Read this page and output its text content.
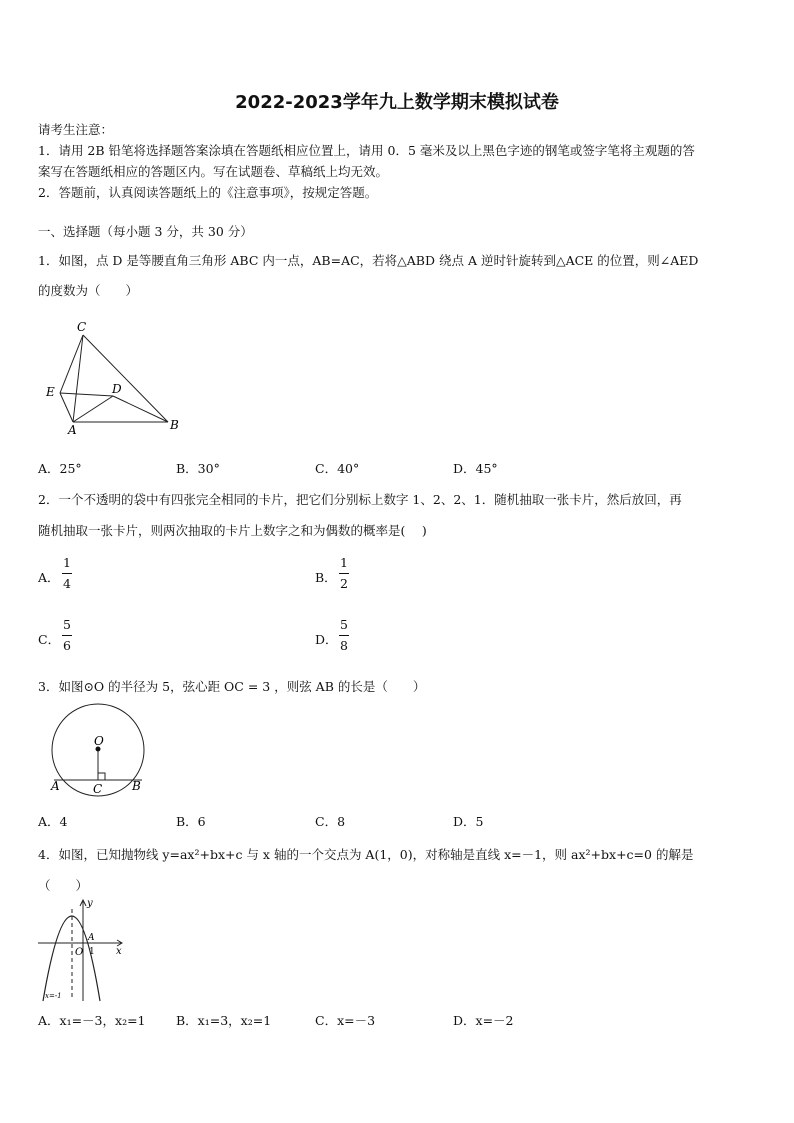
2022-2023学年九上数学期末模拟试卷
请考生注意：
1．请用 2B 铅笔将选择题答案涂填在答题纸相应位置上，请用 0．5 毫米及以上黑色字迹的钢笔或签字笔将主观题的答
案写在答题纸相应的答题区内。写在试题卷、草稿纸上均无效。
2．答题前，认真阅读答题纸上的《注意事项》，按规定答题。
一、选择题（每小题 3 分，共 30 分）
1．如图，点 D 是等腰直角三角形 ABC 内一点，AB=AC，若将△ABD 绕点 A 逆时针旋转到△ACE 的位置，则∠AED
的度数为（　　）
C
E	D
A	B
A．25°	B．30°	C．40°	D．45°
2．一个不透明的袋中有四张完全相同的卡片，把它们分别标上数字 1、2、2、1．随机抽取一张卡片，然后放回，再
随机抽取一张卡片，则两次抽取的卡片上数字之和为偶数的概率是(　 )
A．
1
4	B．
1
2
C．
5
6	D．
5
8
3．如图⊙O 的半径为 5，弦心距 OC = 3 ，则弦 AB 的长是（　　）
O
A	B
C
A．4	B．6	C．8	D．5
4．如图，已知抛物线 y=ax²+bx+c 与 x 轴的一个交点为 A(1，0)，对称轴是直线 x=－1，则 ax²+bx+c=0 的解是
（　　）
y
x
A
O 1
x=-1
A．x₁=－3，x₂=1 B．x₁=3，x₂=1	C．x=－3	D．x=－2
